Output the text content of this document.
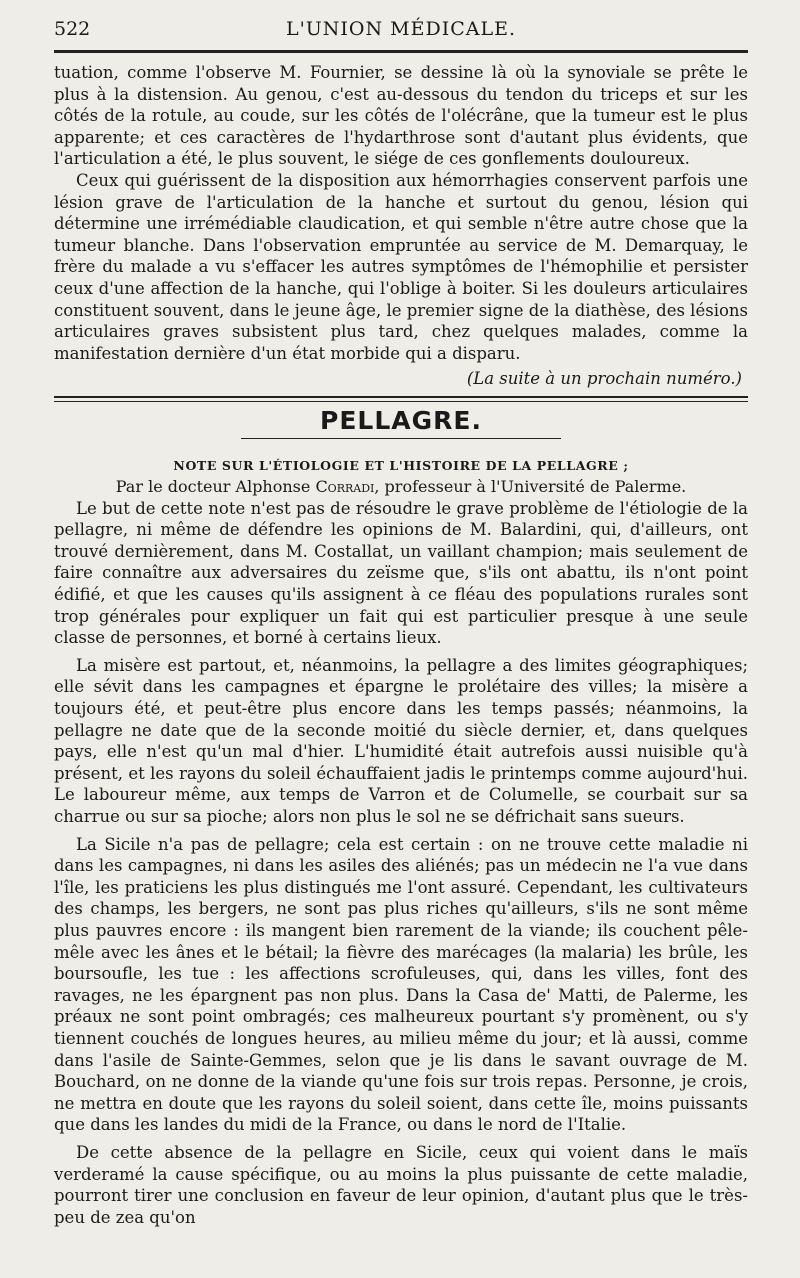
522	L'UNION MÉDICALE.

tuation, comme l'observe M. Fournier, se dessine là où la synoviale se prête le plus à la distension. Au genou, c'est au-dessous du tendon du triceps et sur les côtés de la rotule, au coude, sur les côtés de l'olécrâne, que la tumeur est le plus apparente; et ces caractères de l'hydarthrose sont d'autant plus évidents, que l'articulation a été, le plus souvent, le siége de ces gonflements douloureux.

Ceux qui guérissent de la disposition aux hémorrhagies conservent parfois une lésion grave de l'articulation de la hanche et surtout du genou, lésion qui détermine une irrémédiable claudication, et qui semble n'être autre chose que la tumeur blanche. Dans l'observation empruntée au service de M. Demarquay, le frère du malade a vu s'effacer les autres symptômes de l'hémophilie et persister ceux d'une affection de la hanche, qui l'oblige à boiter. Si les douleurs articulaires constituent souvent, dans le jeune âge, le premier signe de la diathèse, des lésions articulaires graves subsistent plus tard, chez quelques malades, comme la manifestation dernière d'un état morbide qui a disparu.

(La suite à un prochain numéro.)

PELLAGRE.

NOTE SUR L'ÉTIOLOGIE ET L'HISTOIRE DE LA PELLAGRE ;

Par le docteur Alphonse Corradi, professeur à l'Université de Palerme.

Le but de cette note n'est pas de résoudre le grave problème de l'étiologie de la pellagre, ni même de défendre les opinions de M. Balardini, qui, d'ailleurs, ont trouvé dernièrement, dans M. Costallat, un vaillant champion; mais seulement de faire connaître aux adversaires du zeïsme que, s'ils ont abattu, ils n'ont point édifié, et que les causes qu'ils assignent à ce fléau des populations rurales sont trop générales pour expliquer un fait qui est particulier presque à une seule classe de personnes, et borné à certains lieux.

La misère est partout, et, néanmoins, la pellagre a des limites géographiques; elle sévit dans les campagnes et épargne le prolétaire des villes; la misère a toujours été, et peut-être plus encore dans les temps passés; néanmoins, la pellagre ne date que de la seconde moitié du siècle dernier, et, dans quelques pays, elle n'est qu'un mal d'hier. L'humidité était autrefois aussi nuisible qu'à présent, et les rayons du soleil échauffaient jadis le printemps comme aujourd'hui. Le laboureur même, aux temps de Varron et de Columelle, se courbait sur sa charrue ou sur sa pioche; alors non plus le sol ne se défrichait sans sueurs.

La Sicile n'a pas de pellagre; cela est certain : on ne trouve cette maladie ni dans les campagnes, ni dans les asiles des aliénés; pas un médecin ne l'a vue dans l'île, les praticiens les plus distingués me l'ont assuré. Cependant, les cultivateurs des champs, les bergers, ne sont pas plus riches qu'ailleurs, s'ils ne sont même plus pauvres encore : ils mangent bien rarement de la viande; ils couchent pêle-mêle avec les ânes et le bétail; la fièvre des marécages (la malaria) les brûle, les boursoufle, les tue : les affections scrofuleuses, qui, dans les villes, font des ravages, ne les épargnent pas non plus. Dans la Casa de' Matti, de Palerme, les préaux ne sont point ombragés; ces malheureux pourtant s'y promènent, ou s'y tiennent couchés de longues heures, au milieu même du jour; et là aussi, comme dans l'asile de Sainte-Gemmes, selon que je lis dans le savant ouvrage de M. Bouchard, on ne donne de la viande qu'une fois sur trois repas. Personne, je crois, ne mettra en doute que les rayons du soleil soient, dans cette île, moins puissants que dans les landes du midi de la France, ou dans le nord de l'Italie.

De cette absence de la pellagre en Sicile, ceux qui voient dans le maïs verderamé la cause spécifique, ou au moins la plus puissante de cette maladie, pourront tirer une conclusion en faveur de leur opinion, d'autant plus que le très-peu de zea qu'on
